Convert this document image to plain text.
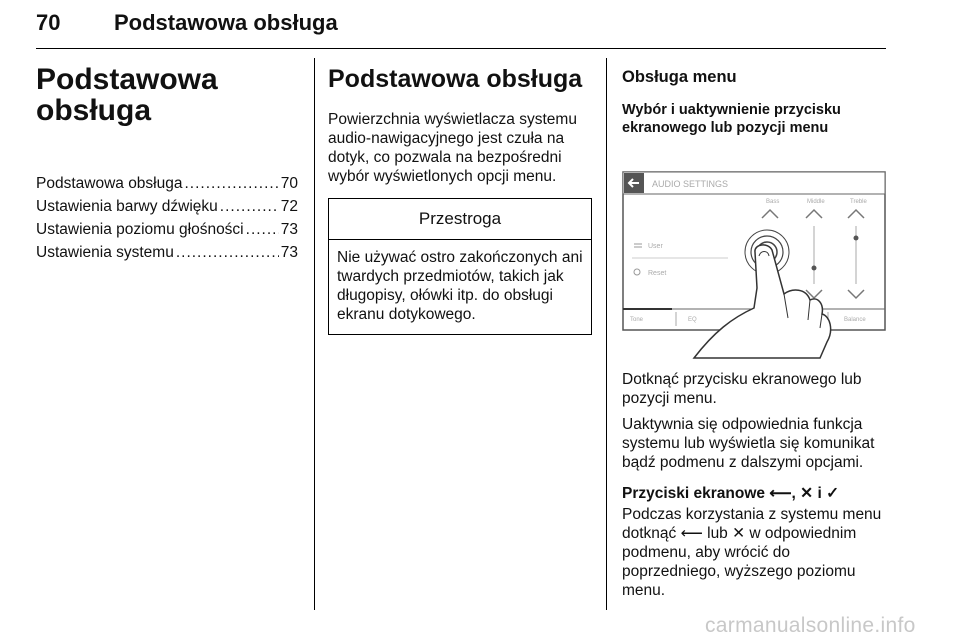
70 Podstawowa obsługa
Podstawowa
obsługa
Podstawowa obsługa .....	70
Ustawienia barwy dźwięku .....	72
Ustawienia poziomu głośności ..... 73
Ustawienia systemu .....	73
Podstawowa obsługa

Powierzchnia wyświetlacza systemu audio-nawigacyjnego jest czuła na dotyk, co pozwala na bezpośredni wybór wyświetlonych opcji menu.

Przestroga
Nie używać ostro zakończonych ani twardych przedmiotów, takich jak długopisy, ołówki itp. do obsługi ekranu dotykowego.
Obsługa menu

Wybór i uaktywnienie przycisku ekranowego lub pozycji menu

AUDIO SETTINGS
Bass	Middle	Treble
User
Reset
Tone	EQ	Balance

Dotknąć przycisku ekranowego lub pozycji menu.

Uaktywnia się odpowiednia funkcja systemu lub wyświetla się komunikat bądź podmenu z dalszymi opcjami.

Przyciski ekranowe ⟵, ✕ i ✓

Podczas korzystania z systemu menu dotknąć ⟵ lub ✕ w odpowiednim podmenu, aby wrócić do poprzedniego, wyższego poziomu menu.

carmanualsonline.info
